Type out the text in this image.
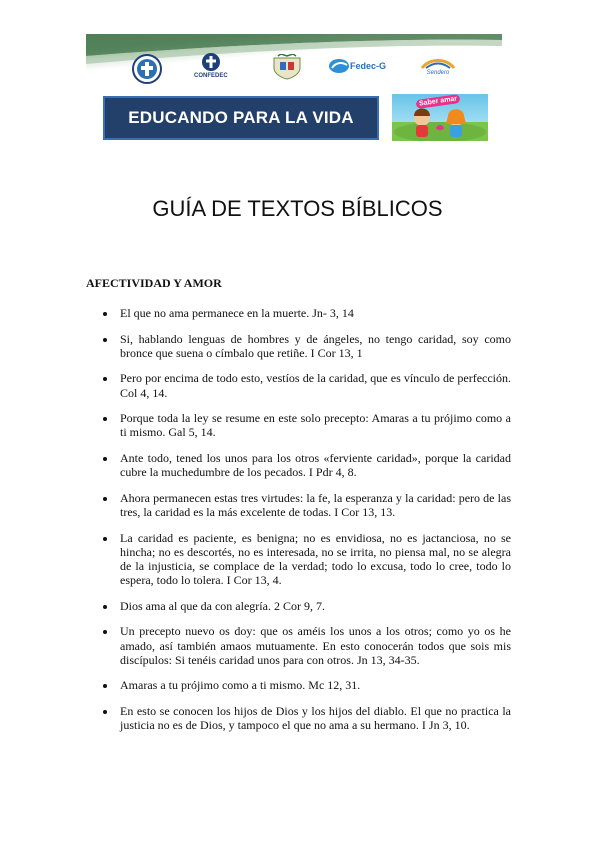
CONFEDEC
Fedec-G
Sendero
EDUCANDO PARA LA VIDA
Saber amar
GUÍA DE TEXTOS BÍBLICOS
AFECTIVIDAD Y AMOR
El que no ama permanece en la muerte. Jn- 3, 14
Si, hablando lenguas de hombres y de ángeles, no tengo caridad, soy como bronce que suena o címbalo que retiñe. I Cor 13, 1
Pero por encima de todo esto, vestíos de la caridad, que es vínculo de perfección. Col 4, 14.
Porque toda la ley se resume en este solo precepto: Amaras a tu prójimo como a ti mismo. Gal 5, 14.
Ante todo, tened los unos para los otros «ferviente caridad», porque la caridad cubre la muchedumbre de los pecados. I Pdr 4, 8.
Ahora permanecen estas tres virtudes: la fe, la esperanza y la caridad: pero de las tres, la caridad es la más excelente de todas. I Cor 13, 13.
La caridad es paciente, es benigna; no es envidiosa, no es jactanciosa, no se hincha; no es descortés, no es interesada, no se irrita, no piensa mal, no se alegra de la injusticia, se complace de la verdad; todo lo excusa, todo lo cree, todo lo espera, todo lo tolera. I Cor 13, 4.
Dios ama al que da con alegría. 2 Cor 9, 7.
Un precepto nuevo os doy: que os améis los unos a los otros; como yo os he amado, así también amaos mutuamente. En esto conocerán todos que sois mis discípulos: Si tenéis caridad unos para con otros. Jn 13, 34-35.
Amaras a tu prójimo como a ti mismo. Mc 12, 31.
En esto se conocen los hijos de Dios y los hijos del diablo. El que no practica la justicia no es de Dios, y tampoco el que no ama a su hermano. I Jn 3, 10.
